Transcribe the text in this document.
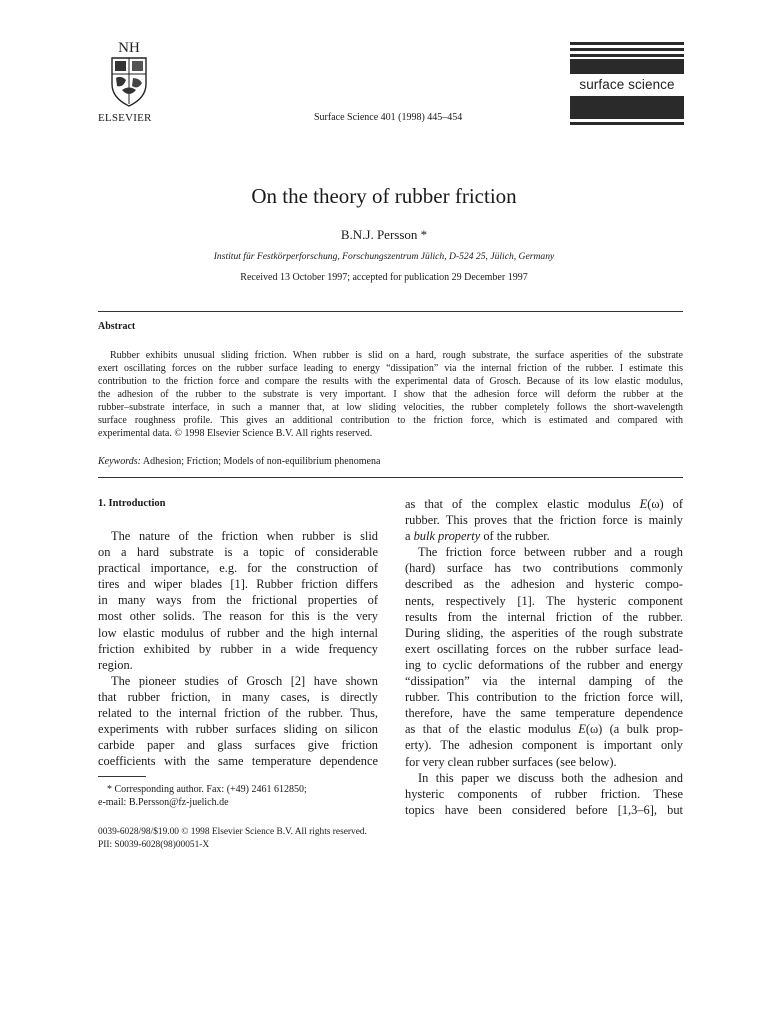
NH
ELSEVIER	Surface Science 401 (1998) 445–454
surface science
On the theory of rubber friction
B.N.J. Persson *
Institut für Festkörperforschung, Forschungszentrum Jülich, D-524 25, Jülich, Germany
Received 13 October 1997; accepted for publication 29 December 1997
Abstract
Rubber exhibits unusual sliding friction. When rubber is slid on a hard, rough substrate, the surface asperities of the substrate
exert oscillating forces on the rubber surface leading to energy “dissipation” via the internal friction of the rubber. I estimate this
contribution to the friction force and compare the results with the experimental data of Grosch. Because of its low elastic modulus,
the adhesion of the rubber to the substrate is very important. I show that the adhesion force will deform the rubber at the
rubber–substrate interface, in such a manner that, at low sliding velocities, the rubber completely follows the short-wavelength
surface roughness profile. This gives an additional contribution to the friction force, which is estimated and compared with
experimental data. © 1998 Elsevier Science B.V. All rights reserved.
Keywords: Adhesion; Friction; Models of non-equilibrium phenomena
1. Introduction
The nature of the friction when rubber is slid
on a hard substrate is a topic of considerable
practical importance, e.g. for the construction of
tires and wiper blades [1]. Rubber friction differs
in many ways from the frictional properties of
most other solids. The reason for this is the very
low elastic modulus of rubber and the high internal
friction exhibited by rubber in a wide frequency
region.
The pioneer studies of Grosch [2] have shown
that rubber friction, in many cases, is directly
related to the internal friction of the rubber. Thus,
experiments with rubber surfaces sliding on silicon
carbide paper and glass surfaces give friction
coefficients with the same temperature dependence
* Corresponding author. Fax: (+49) 2461 612850;
e-mail: B.Persson@fz-juelich.de
0039-6028/98/$19.00 © 1998 Elsevier Science B.V. All rights reserved.
PII: S0039-6028(98)00051-X
as that of the complex elastic modulus E(ω) of
rubber. This proves that the friction force is mainly
a bulk property of the rubber.
The friction force between rubber and a rough
(hard) surface has two contributions commonly
described as the adhesion and hysteric compo-
nents, respectively [1]. The hysteric component
results from the internal friction of the rubber.
During sliding, the asperities of the rough substrate
exert oscillating forces on the rubber surface lead-
ing to cyclic deformations of the rubber and energy
“dissipation” via the internal damping of the
rubber. This contribution to the friction force will,
therefore, have the same temperature dependence
as that of the elastic modulus E(ω) (a bulk prop-
erty). The adhesion component is important only
for very clean rubber surfaces (see below).
In this paper we discuss both the adhesion and
hysteric components of rubber friction. These
topics have been considered before [1,3–6], but
